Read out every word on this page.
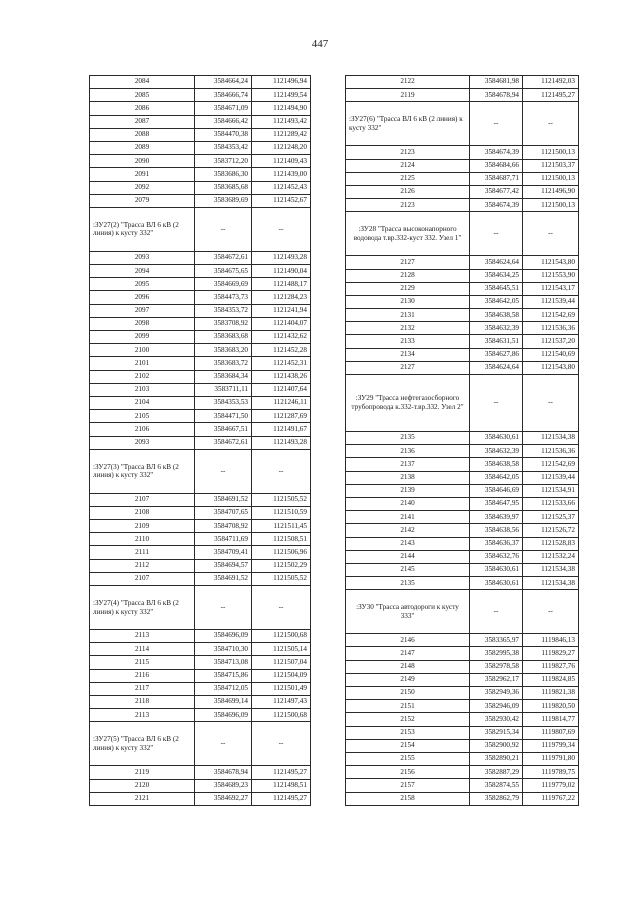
447
2084	3584664,24	1121496,94
2085	3584666,74	1121499,54
2086	3584671,09	1121494,90
2087	3584666,42	1121493,42
2088	3584470,38	1121289,42
2089	3584353,42	1121248,20
2090	3583712,20	1121409,43
2091	3583686,30	1121439,00
2092	3583685,68	1121452,43
2079	3583689,69	1121452,67
:ЗУ27(2) "Трасса ВЛ 6 кВ (2 линия) к кусту 332"	--	--
2093	3584672,61	1121493,28
2094	3584675,65	1121490,04
2095	3584669,69	1121488,17
2096	3584473,73	1121284,23
2097	3584353,72	1121241,94
2098	3583708,92	1121404,07
2099	3583683,68	1121432,62
2100	3583683,20	1121452,28
2101	3583683,72	1121452,31
2102	3583684,34	1121438,26
2103	3583711,11	1121407,64
2104	3584353,53	1121246,11
2105	3584471,50	1121287,69
2106	3584667,51	1121491,67
2093	3584672,61	1121493,28
:ЗУ27(3) "Трасса ВЛ 6 кВ (2 линия) к кусту 332"	--	--
2107	3584691,52	1121505,52
2108	3584707,65	1121510,59
2109	3584708,92	1121511,45
2110	3584711,69	1121508,51
2111	3584709,41	1121506,96
2112	3584694,57	1121502,29
2107	3584691,52	1121505,52
:ЗУ27(4) "Трасса ВЛ 6 кВ (2 линия) к кусту 332"	--	--
2113	3584696,09	1121500,68
2114	3584710,30	1121505,14
2115	3584713,08	1121507,04
2116	3584715,86	1121504,09
2117	3584712,05	1121501,49
2118	3584699,14	1121497,43
2113	3584696,09	1121500,68
:ЗУ27(5) "Трасса ВЛ 6 кВ (2 линия) к кусту 332"	--	--
2119	3584678,94	1121495,27
2120	3584689,23	1121498,51
2121	3584692,27	1121495,27
2122	3584681,98	1121492,03
2119	3584678,94	1121495,27
:ЗУ27(6) "Трасса ВЛ 6 кВ (2 линия) к кусту 332"	--	--
2123	3584674,39	1121500,13
2124	3584684,66	1121503,37
2125	3584687,71	1121500,13
2126	3584677,42	1121496,90
2123	3584674,39	1121500,13
:ЗУ28 "Трасса высоконапорного водовода т.вр.332-куст 332. Узел 1"	--	--
2127	3584624,64	1121543,80
2128	3584634,25	1121553,90
2129	3584645,51	1121543,17
2130	3584642,05	1121539,44
2131	3584638,58	1121542,69
2132	3584632,39	1121536,36
2133	3584631,51	1121537,20
2134	3584627,86	1121540,69
2127	3584624,64	1121543,80
:ЗУ29 "Трасса нефтегазосборного трубопровода к.332-т.вр.332. Узел 2"	--	--
2135	3584630,61	1121534,38
2136	3584632,39	1121536,36
2137	3584638,58	1121542,69
2138	3584642,05	1121539,44
2139	3584646,69	1121534,91
2140	3584647,95	1121533,66
2141	3584639,97	1121525,37
2142	3584638,56	1121526,72
2143	3584636,37	1121528,83
2144	3584632,76	1121532,24
2145	3584630,61	1121534,38
2135	3584630,61	1121534,38
:ЗУ30 "Трасса автодороги к кусту 333"	--	--
2146	3583365,97	1119846,13
2147	3582995,38	1119829,27
2148	3582978,58	1119827,76
2149	3582962,17	1119824,85
2150	3582949,36	1119821,38
2151	3582946,09	1119820,50
2152	3582930,42	1119814,77
2153	3582915,34	1119807,69
2154	3582900,92	1119799,34
2155	3582890,21	1119791,80
2156	3582887,29	1119789,75
2157	3582874,55	1119779,02
2158	3582862,79	1119767,22
